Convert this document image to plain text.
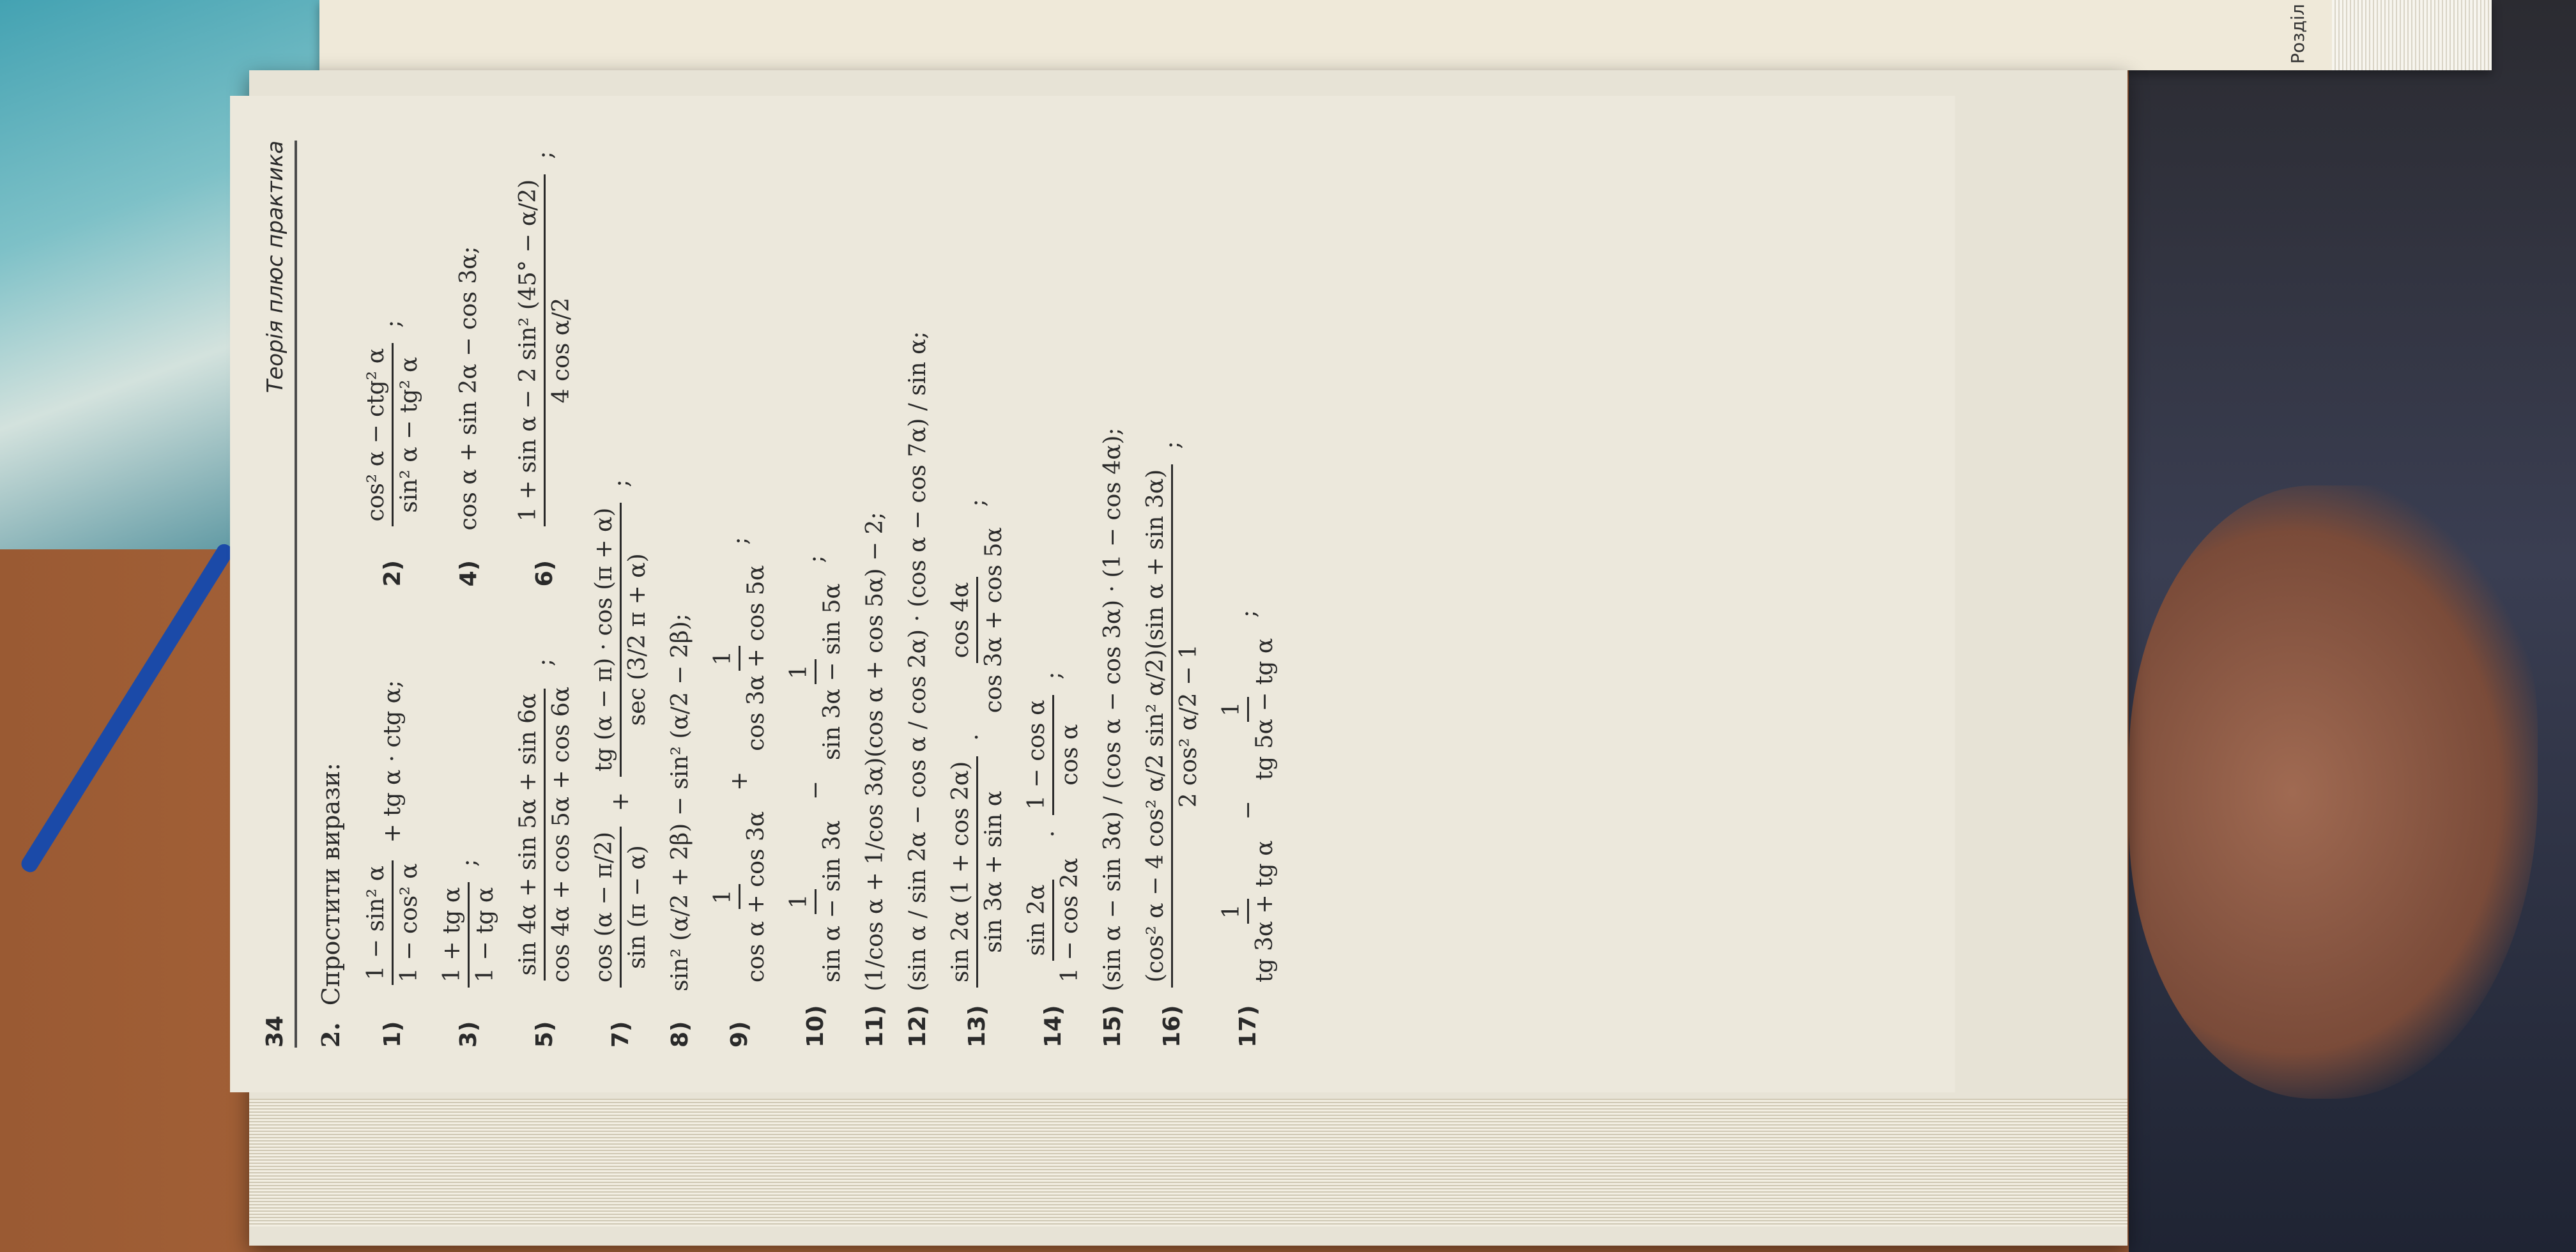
Розділ
34
Теорія плюс практика
2. Спростити вирази:
1)
1 − sin² α 1 − cos² α
+ tg α · ctg α;
2)
cos² α − ctg² α sin² α − tg² α
;
3)
1 + tg α 1 − tg α
;
4)
cos α + sin 2α − cos 3α;
5)
sin 4α + sin 5α + sin 6α cos 4α + cos 5α + cos 6α
;
6)
1 + sin α − 2 sin² (45° − α/2) 4 cos α/2
;
7)
cos (α − π/2) sin (π − α)
+
tg (α − π) · cos (π + α) sec (3/2 π + α)
;
8)
sin² (α/2 + 2β) − sin² (α/2 − 2β);
9)
1 cos α + cos 3α
+
1 cos 3α + cos 5α
;
10)
1 sin α − sin 3α
−
1 sin 3α − sin 5α
;
11)
(1/cos α + 1/cos 3α)(cos α + cos 5α) − 2;
12)
(sin α / sin 2α − cos α / cos 2α) · (cos α − cos 7α) / sin α;
13)
sin 2α (1 + cos 2α) sin 3α + sin α
·
cos 4α cos 3α + cos 5α
;
14)
sin 2α 1 − cos 2α
·
1 − cos α cos α
;
15)
(sin α − sin 3α) / (cos α − cos 3α) · (1 − cos 4α);
16)
(cos² α − 4 cos² α/2 sin² α/2)(sin α + sin 3α) 2 cos² α/2 − 1
;
17)
1 tg 3α + tg α
−
1 tg 5α − tg α
;
